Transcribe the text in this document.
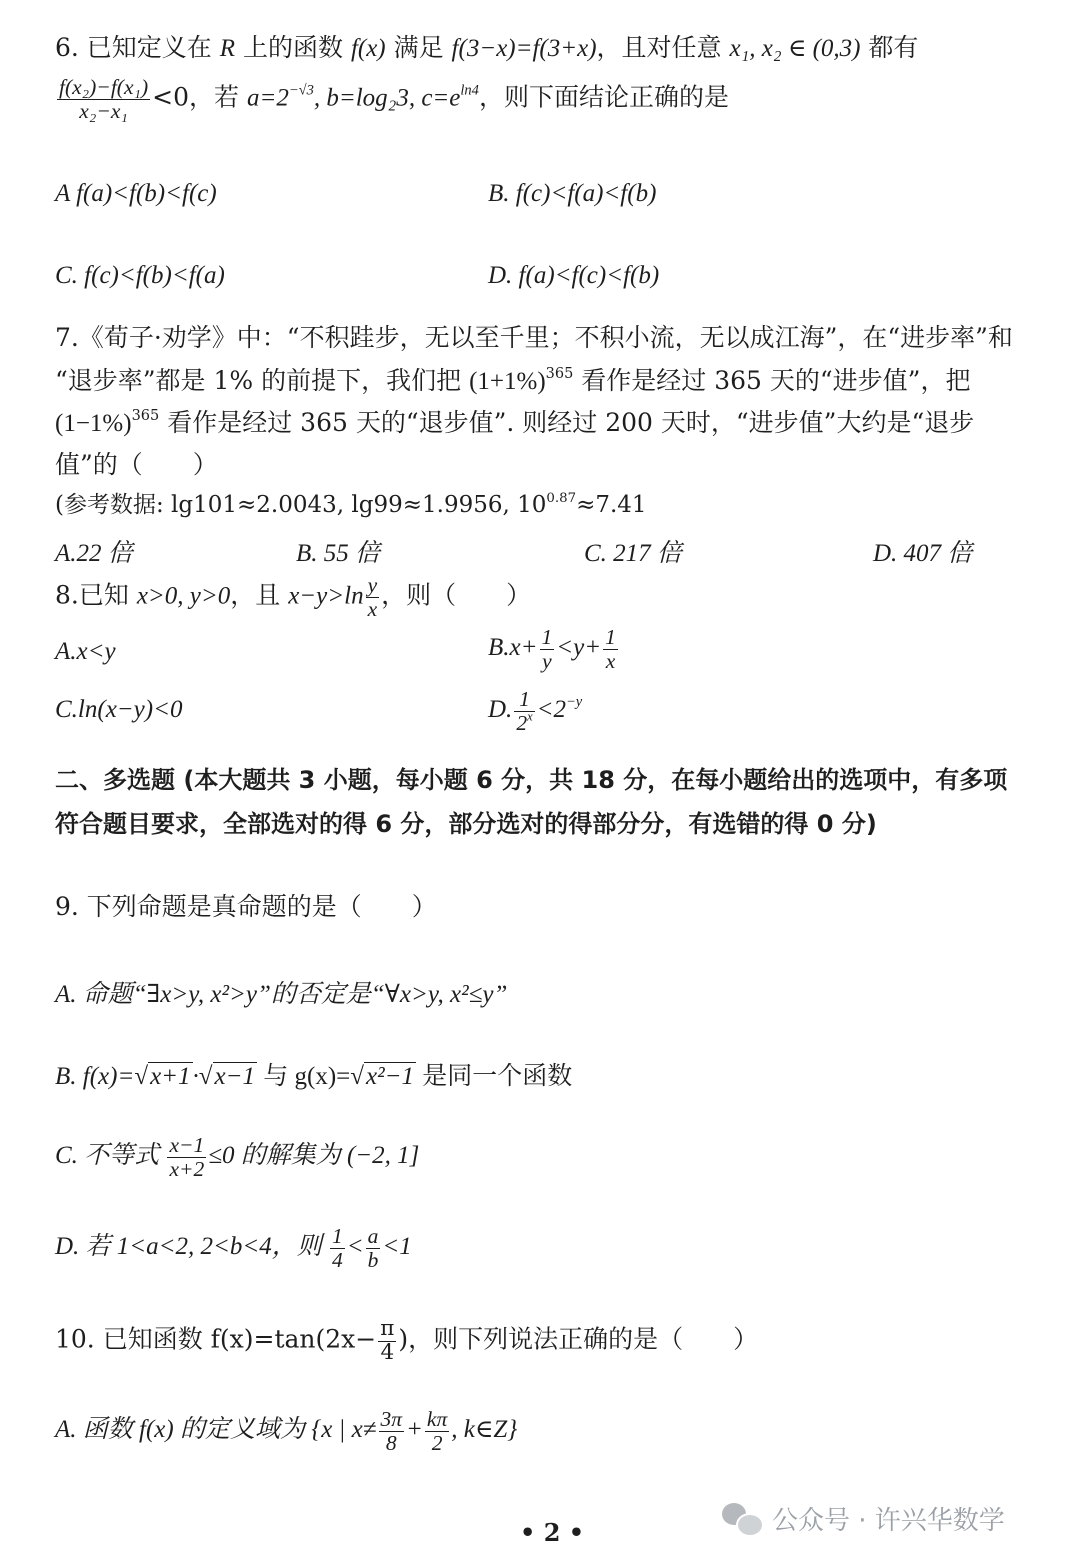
6. 已知定义在 R 上的函数 f(x) 满足 f(3−x)=f(3+x)，且对任意 x₁, x₂ ∈ (0,3) 都有
$\frac{\text{f(x₂)−f(x₁)}}{\text{x₂−x₁}} <0$，若 $a=2^{-√3}$, b=log₂3, $c=e^{ln4}$，则下面结论正确的是
A f(a)<f(b)<f(c)	B. f(c)<f(a)<f(b)
C. f(c)<f(b)<f(a)	D. f(a)<f(c)<f(b)
7.《荀子·劝学》中：“不积跬步，无以至千里；不积小流，无以成江海”，在“进步率”和
“退步率”都是 1% 的前提下，我们把 $(1+1\%)^{365}$ 看作是经过 365 天的“进步值”，把
$(1-1\%)^{365}$ 看作是经过 365 天的“退步值”. 则经过 200 天时，“进步值”大约是“退步
值”的（　　）
(参考数据: lg101≈2.0043, lg99≈1.9956, $10^{0.87}\approx 7.41$
A.22 倍	B. 55 倍	C. 217 倍	D. 407 倍
8.已知 x>0, y>0，且 $x-y>\ln \frac{y}{x}$ ，则（　　）
A.x<y	$B.x+ \frac{1}{y} <y+ \frac{1}{x}$
C.ln(x−y)<0	D. $\frac{1}{2^x} <2^{-y}$
二、多选题 (本大题共 3 小题，每小题 6 分，共 18 分，在每小题给出的选项中，有多项
符合题目要求，全部选对的得 6 分，部分选对的得部分分，有选错的得 0 分)
9. 下列命题是真命题的是（　　）
A. 命题“∃x>y, x²>y”的否定是“∀x>y, x²≤y”
B. f(x)=√x+1·√x−1 与 g(x)=√x²−1 是同一个函数
C. 不等式 $\frac{x-1}{x+2} \le 0$ 的解集为 (−2, 1]
D. 若 1<a<2, 2<b<4，则 $\frac{1}{4} < \frac{a}{b} <1$
10. 已知函数 $f(x)=\tan(2x- \frac{\pi}{4}$ )，则下列说法正确的是（　　）
A. 函数 f(x) 的定义域为 {x | $x\ne \frac{3\pi}{8} + \frac{k\pi}{2}$ , k∈Z}
• 2 •	公众号 · 许兴华数学
